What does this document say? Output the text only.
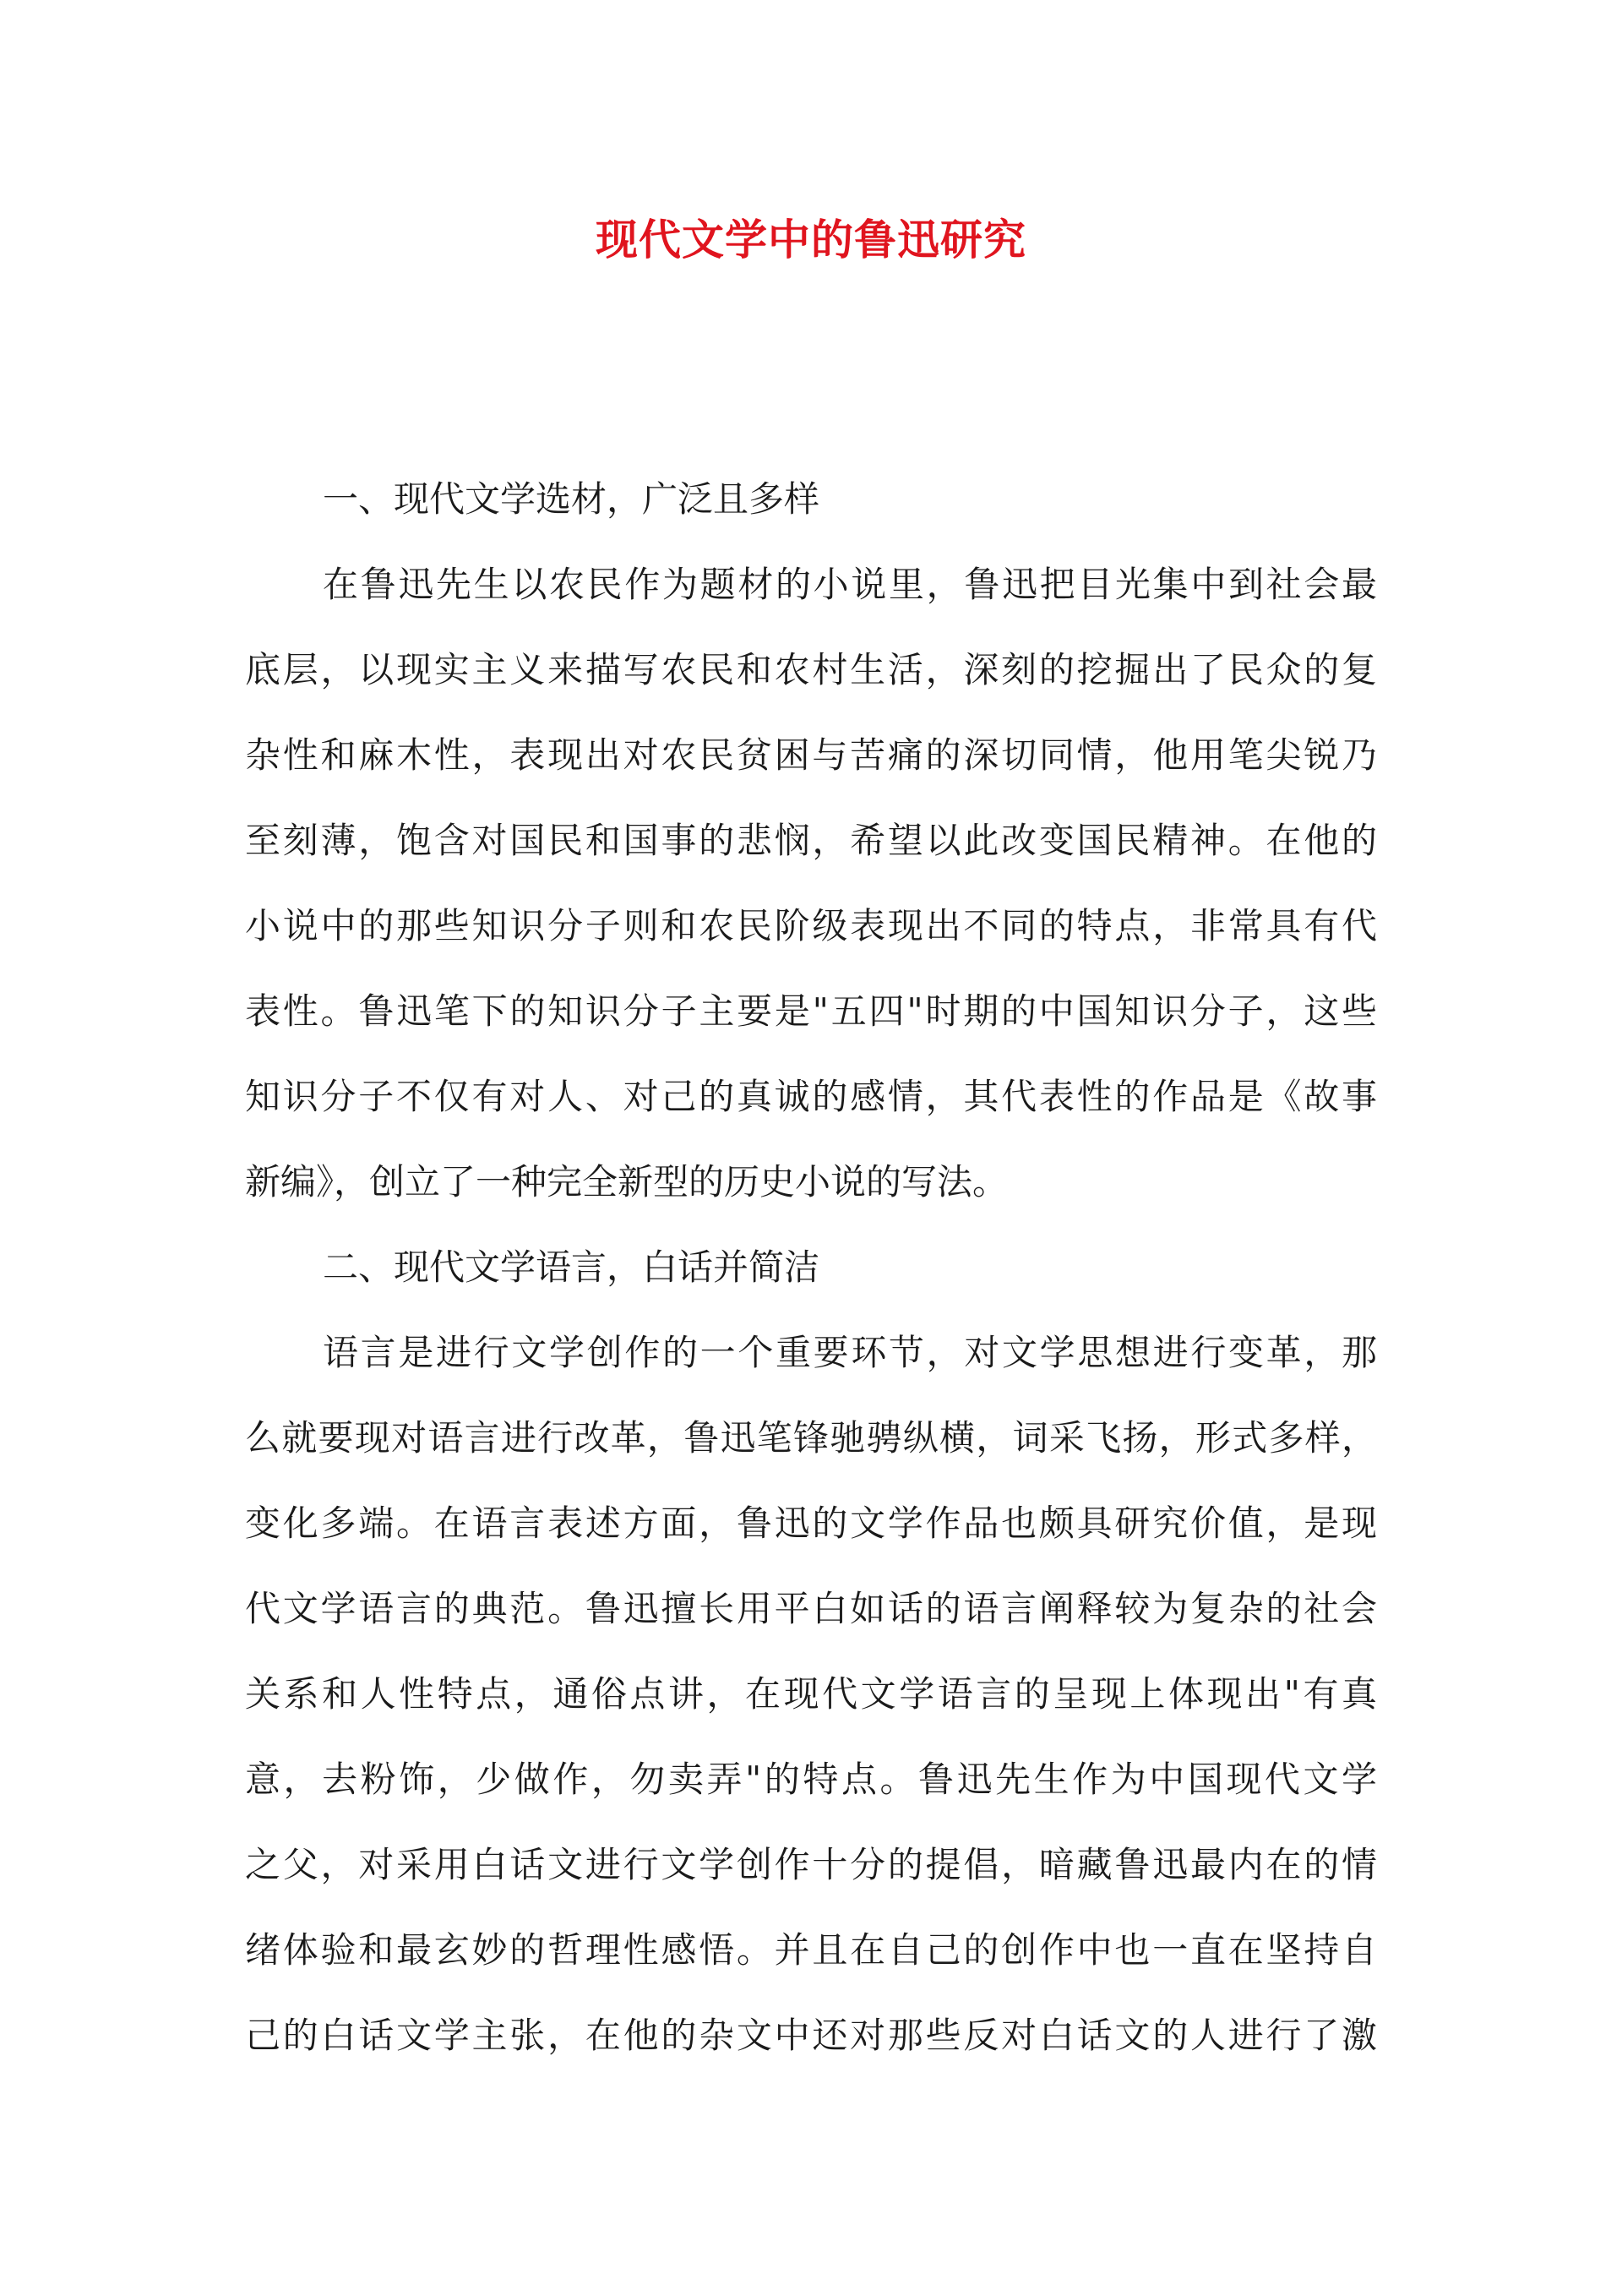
现代文学中的鲁迅研究
一、现代文学选材，广泛且多样
在鲁迅先生以农民作为题材的小说里，鲁迅把目光集中到社会最
底层，以现实主义来描写农民和农村生活，深刻的挖掘出了民众的复
杂性和麻木性，表现出对农民贫困与苦痛的深切同情，他用笔尖锐乃
至刻薄，饱含对国民和国事的悲悯，希望以此改变国民精神。在他的
小说中的那些知识分子则和农民阶级表现出不同的特点，非常具有代
表性。鲁迅笔下的知识分子主要是"五四"时期的中国知识分子，这些
知识分子不仅有对人、对己的真诚的感情，其代表性的作品是《故事
新编》，创立了一种完全新型的历史小说的写法。
二、现代文学语言，白话并简洁
语言是进行文学创作的一个重要环节，对文学思想进行变革，那
么就要现对语言进行改革，鲁迅笔锋驰骋纵横，词采飞扬，形式多样，
变化多端。在语言表述方面，鲁迅的文学作品也颇具研究价值，是现
代文学语言的典范。鲁迅擅长用平白如话的语言阐释较为复杂的社会
关系和人性特点，通俗点讲，在现代文学语言的呈现上体现出"有真
意，去粉饰，少做作，勿卖弄"的特点。鲁迅先生作为中国现代文学
之父，对采用白话文进行文学创作十分的提倡，暗藏鲁迅最内在的情
绪体验和最玄妙的哲理性感悟。并且在自己的创作中也一直在坚持自
己的白话文学主张，在他的杂文中还对那些反对白话文的人进行了激
